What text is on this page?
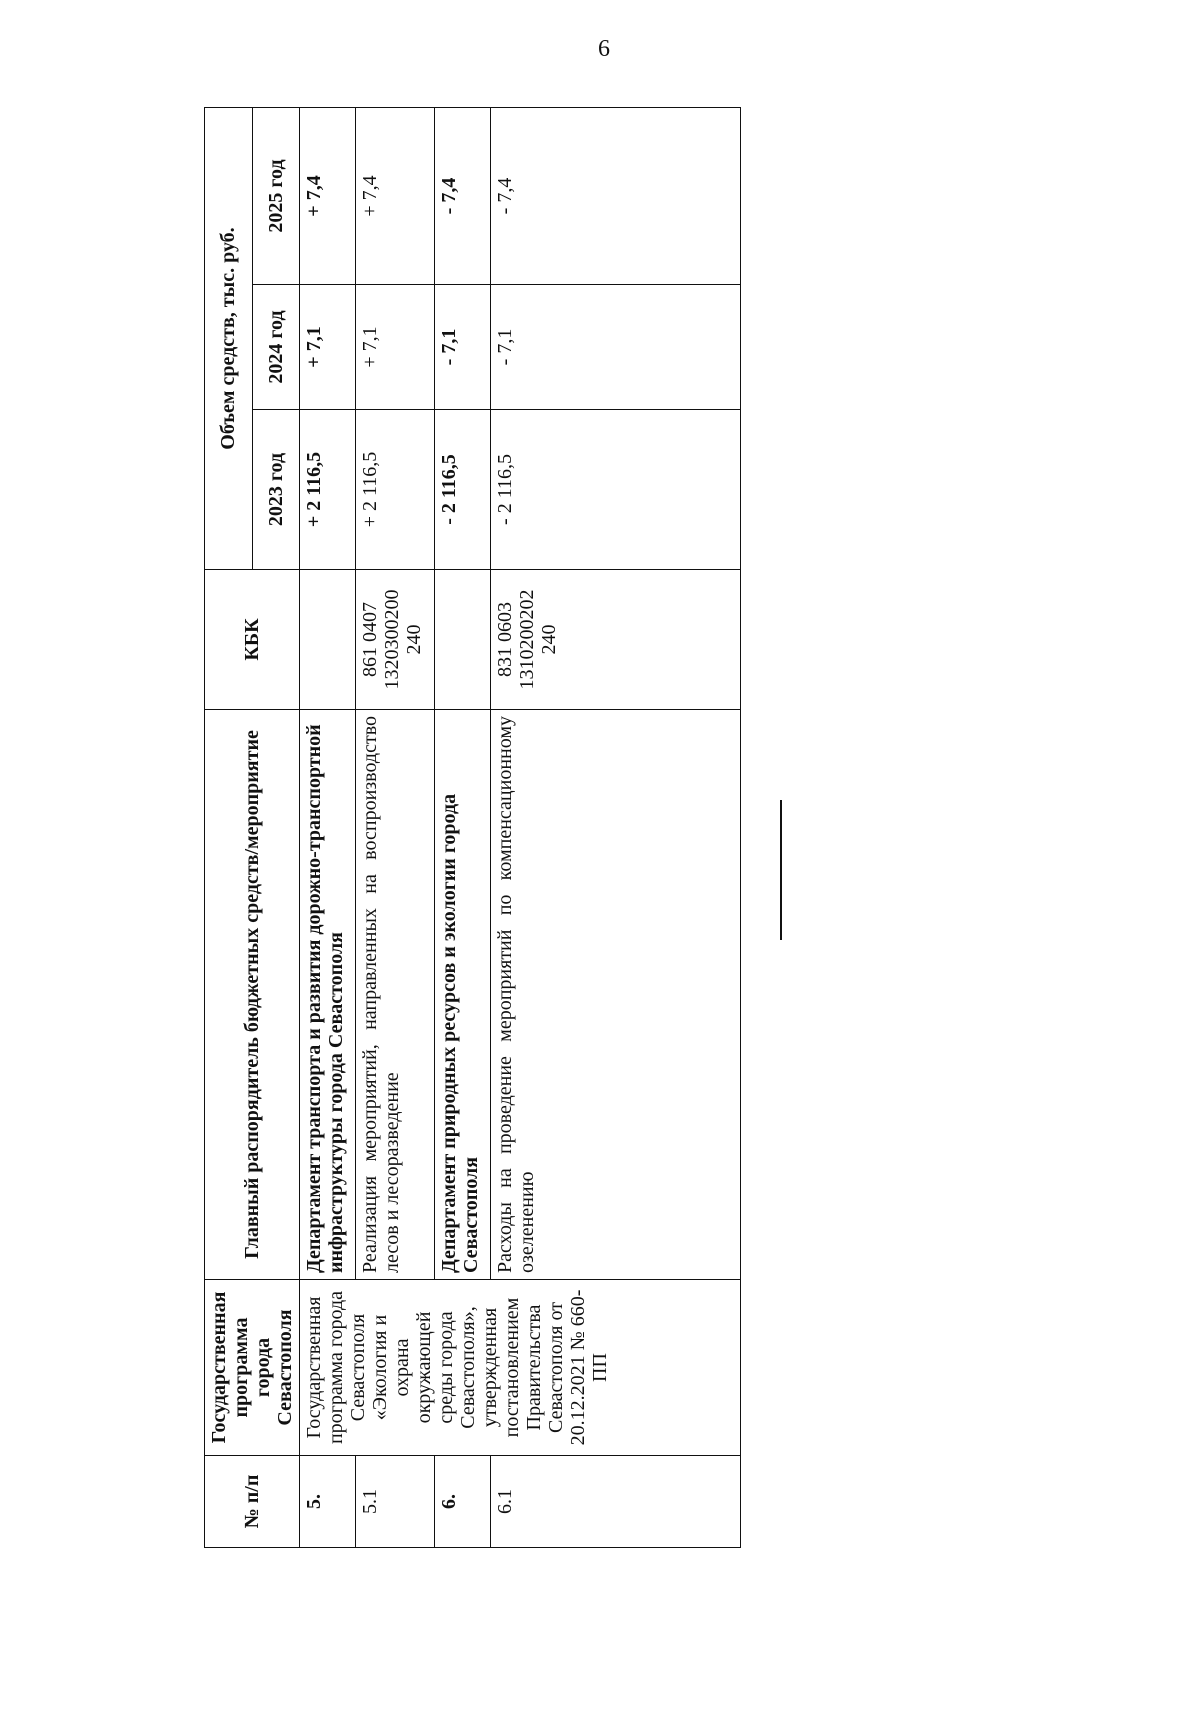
6
№ п/п	Государственная программа города Севастополя	Главный распорядитель бюджетных средств/мероприятие	КБК	Объем средств, тыс. руб.		
				2023 год	2024 год	2025 год
5.	Государственная программа города Севастополя «Экология и охрана окружающей среды города Севастополя», утвержденная постановлением Правительства Севастополя от 20.12.2021 № 660-ПП	Департамент транспорта и развития дорожно-транспортной инфраструктуры города Севастополя		+ 2 116,5	+ 7,1	+ 7,4
5.1		Реализация мероприятий, направленных на воспроизводство лесов и лесоразведение	861 0407 1320300200 240	+ 2 116,5	+ 7,1	+ 7,4
6.		Департамент природных ресурсов и экологии города Севастополя		- 2 116,5	- 7,1	- 7,4
6.1		Расходы на проведение мероприятий по компенсационному озеленению	831 0603 1310200202 240	- 2 116,5	- 7,1	- 7,4
